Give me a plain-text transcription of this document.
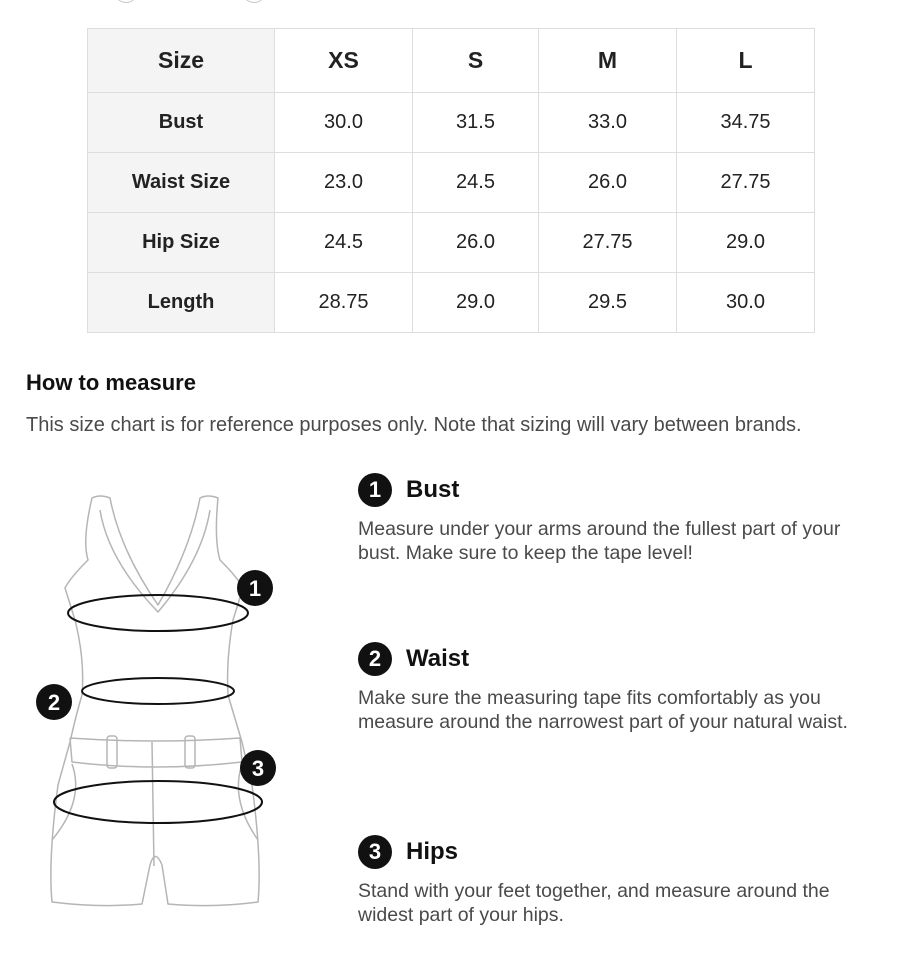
Size	XS	S	M	L
Bust	30.0	31.5	33.0	34.75
Waist Size	23.0	24.5	26.0	27.75
Hip Size	24.5	26.0	27.75	29.0
Length	28.75	29.0	29.5	30.0
How to measure

This size chart is for reference purposes only. Note that sizing will vary between brands.

1
2
3
1	Bust

Measure under your arms around the fullest part of your bust. Make sure to keep the tape level!

2	Waist

Make sure the measuring tape fits comfortably as you measure around the narrowest part of your natural waist.

3	Hips

Stand with your feet together, and measure around the widest part of your hips.
